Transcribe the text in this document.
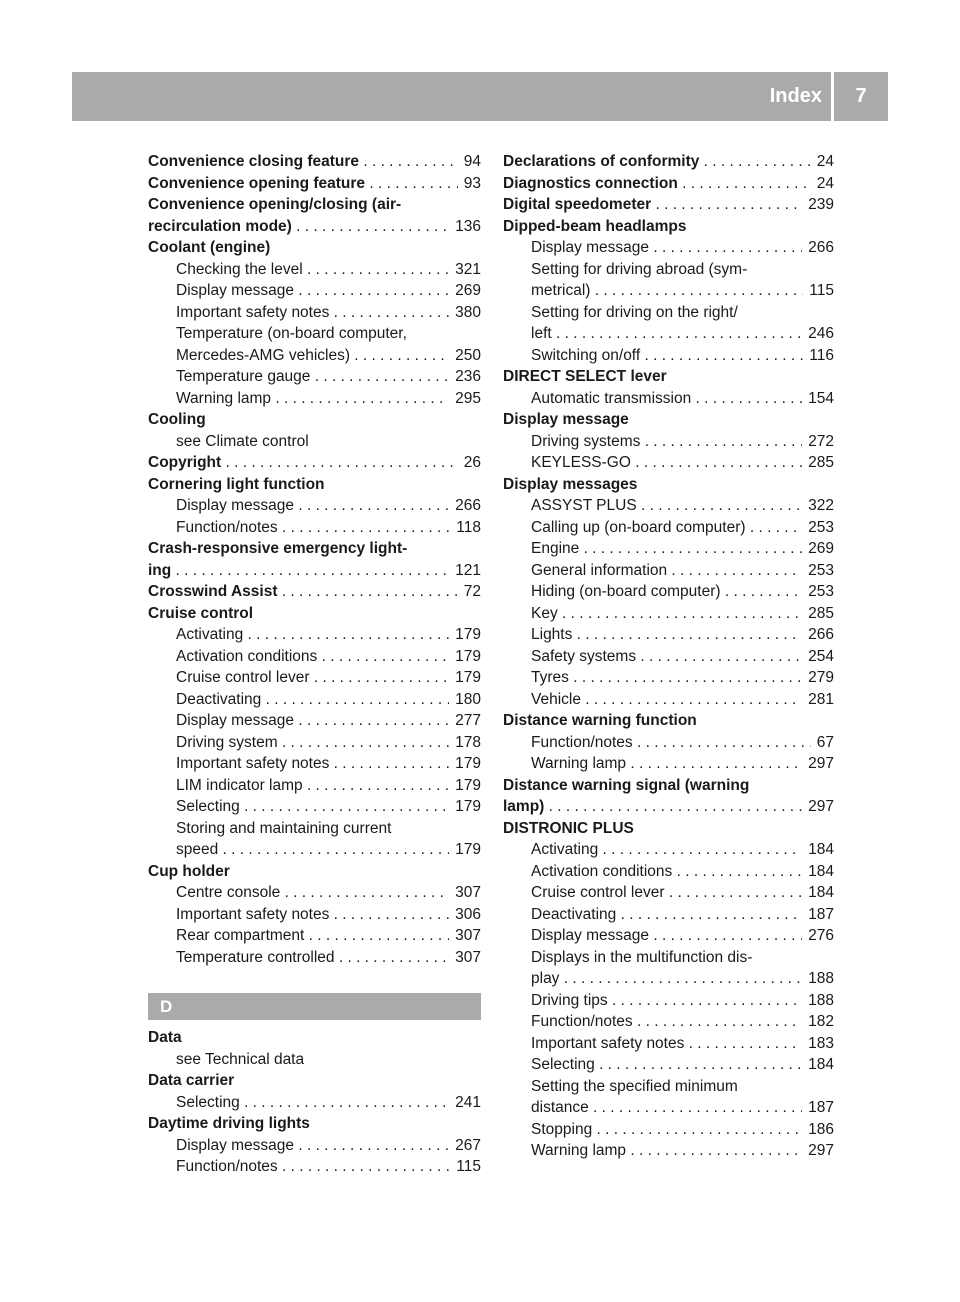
Index	7
Convenience closing feature . . .	94
Convenience opening feature . . .	93
Convenience opening/closing (air-
recirculation mode) . . .	136
Coolant (engine)
Checking the level . . .	321
Display message . . .	269
Important safety notes . . .	380
Temperature (on-board computer,
Mercedes-AMG vehicles) . . .	250
Temperature gauge . . .	236
Warning lamp . . .	295
Cooling
see Climate control
Copyright . . .	26
Cornering light function
Display message . . .	266
Function/notes . . .	118
Crash-responsive emergency light-
ing . . .	121
Crosswind Assist . . .	72
Cruise control
Activating . . .	179
Activation conditions . . .	179
Cruise control lever . . .	179
Deactivating . . .	180
Display message . . .	277
Driving system . . .	178
Important safety notes . . .	179
LIM indicator lamp . . .	179
Selecting . . .	179
Storing and maintaining current
speed . . .	179
Cup holder
Centre console . . .	307
Important safety notes . . .	306
Rear compartment . . .	307
Temperature controlled . . .	307
D
Data
see Technical data
Data carrier
Selecting . . .	241
Daytime driving lights
Display message . . .	267
Function/notes . . .	115
Declarations of conformity . . .	24
Diagnostics connection . . .	24
Digital speedometer . . .	239
Dipped-beam headlamps
Display message . . .	266
Setting for driving abroad (sym-
metrical) . . .	115
Setting for driving on the right/
left . . .	246
Switching on/off . . .	116
DIRECT SELECT lever
Automatic transmission . . .	154
Display message
Driving systems . . .	272
KEYLESS-GO . . .	285
Display messages
ASSYST PLUS . . .	322
Calling up (on-board computer) . . .	253
Engine . . .	269
General information . . .	253
Hiding (on-board computer) . . .	253
Key . . .	285
Lights . . .	266
Safety systems . . .	254
Tyres . . .	279
Vehicle . . .	281
Distance warning function
Function/notes . . .	67
Warning lamp . . .	297
Distance warning signal (warning
lamp) . . .	297
DISTRONIC PLUS
Activating . . .	184
Activation conditions . . .	184
Cruise control lever . . .	184
Deactivating . . .	187
Display message . . .	276
Displays in the multifunction dis-
play . . .	188
Driving tips . . .	188
Function/notes . . .	182
Important safety notes . . .	183
Selecting . . .	184
Setting the specified minimum
distance . . .	187
Stopping . . .	186
Warning lamp . . .	297
